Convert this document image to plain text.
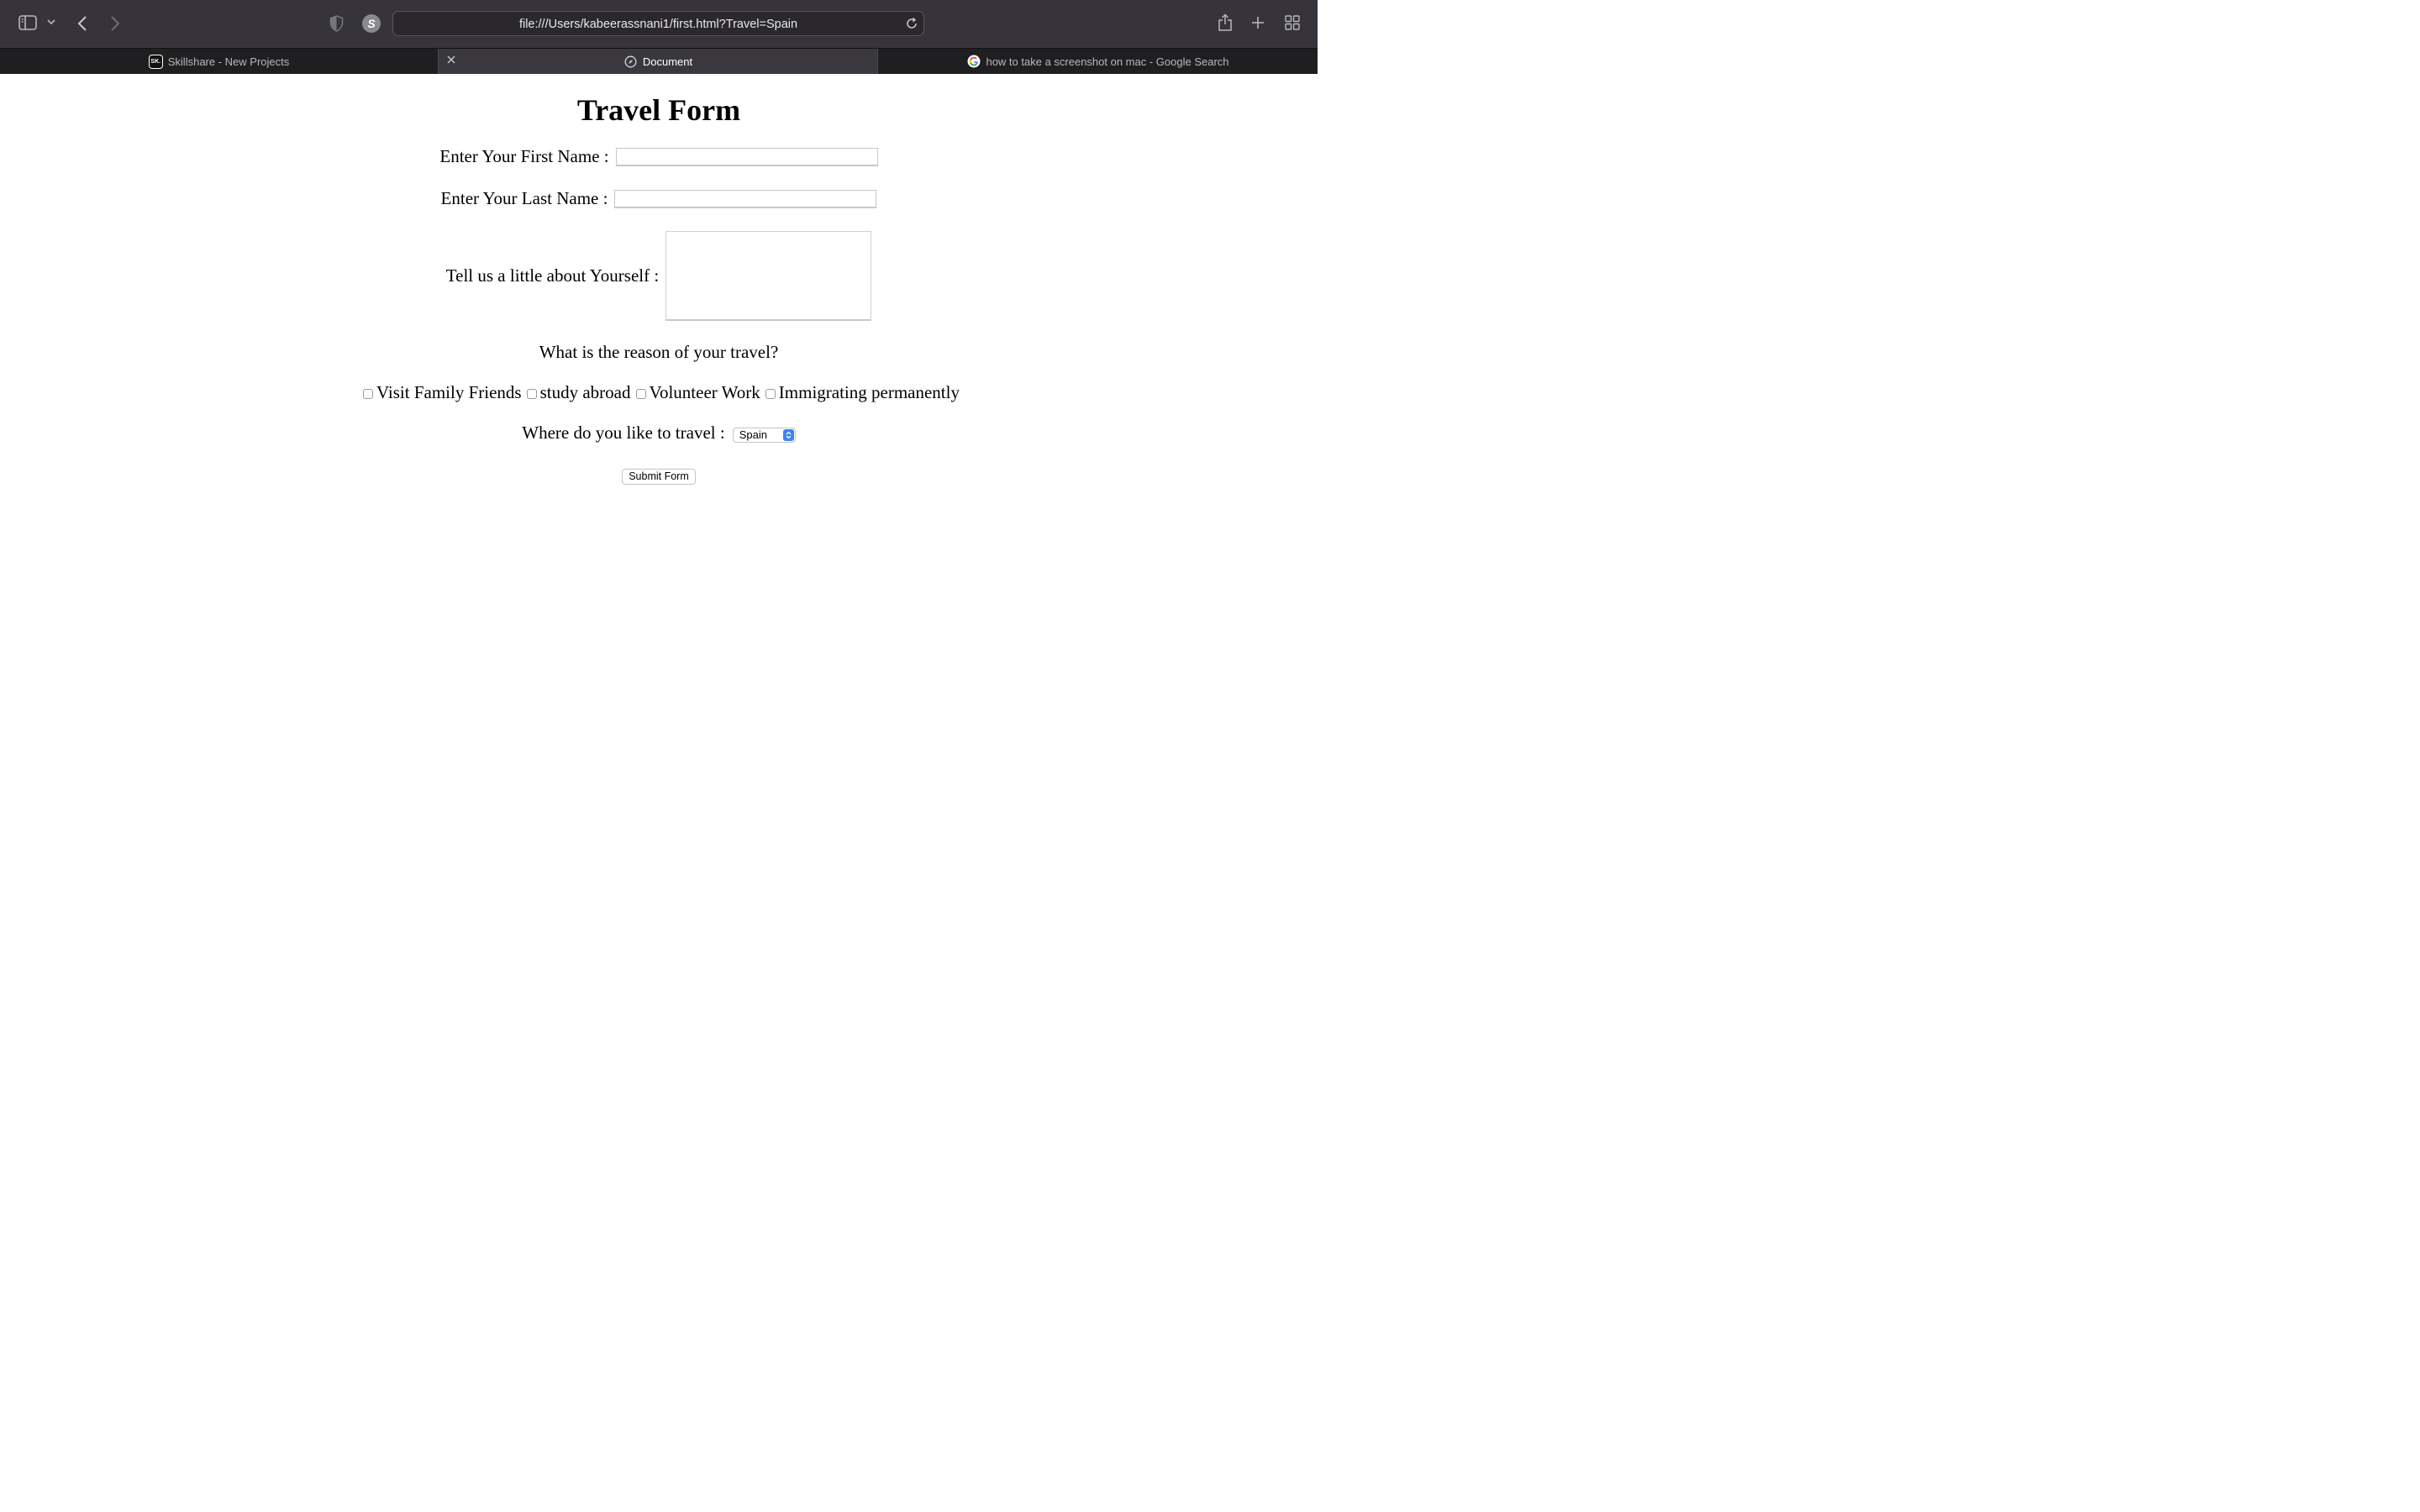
S	file:///Users/kabeerassnani1/first.html?Travel=Spain
SK. Skillshare - New Projects	Document	how to take a screenshot on mac - Google Search
Travel Form
Enter Your First Name :
Enter Your Last Name :
Tell us a little about Yourself :
What is the reason of your travel?
Visit Family Friends study abroad Volunteer Work Immigrating permanently
Where do you like to travel : Spain
Submit Form
